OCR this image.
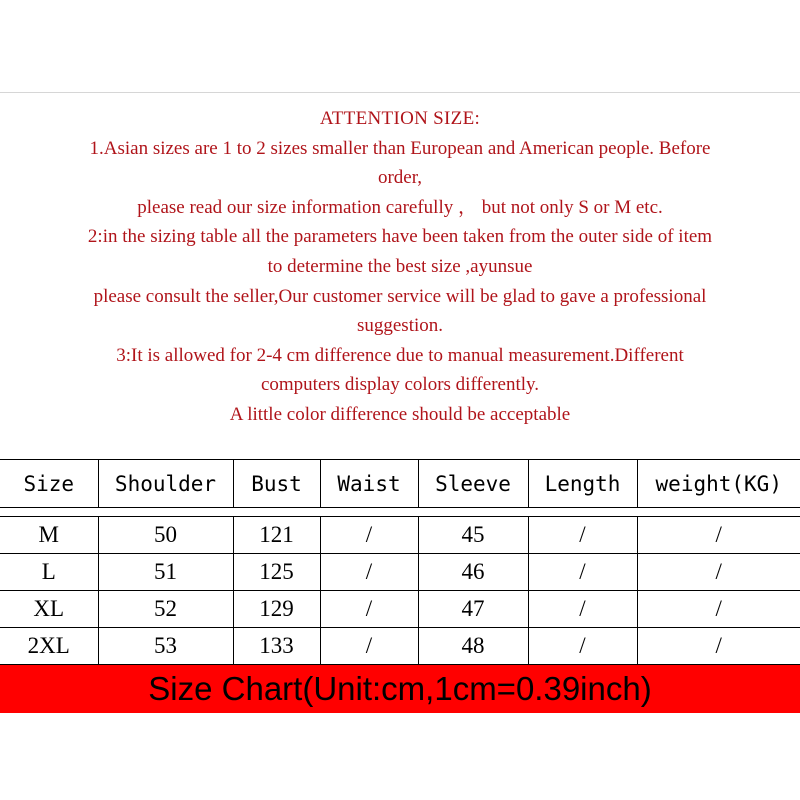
ATTENTION SIZE:
1.Asian sizes are 1 to 2 sizes smaller than European and American people. Before
order,
please read our size information carefully ， but not only S or M etc.
2:in the sizing table all the parameters have been taken from the outer side of item
to determine the best size ,ayunsue
please consult the seller,Our customer service will be glad to gave a professional
suggestion.
3:It is allowed for 2-4 cm difference due to manual measurement.Different
computers display colors differently.
A little color difference should be acceptable
Size	Shoulder	Bust	Waist	Sleeve	Length	weight(KG)

M	50	121	/	45	/	/
L	51	125	/	46	/	/
XL	52	129	/	47	/	/
2XL	53	133	/	48	/	/
Size Chart(Unit:cm,1cm=0.39inch)
